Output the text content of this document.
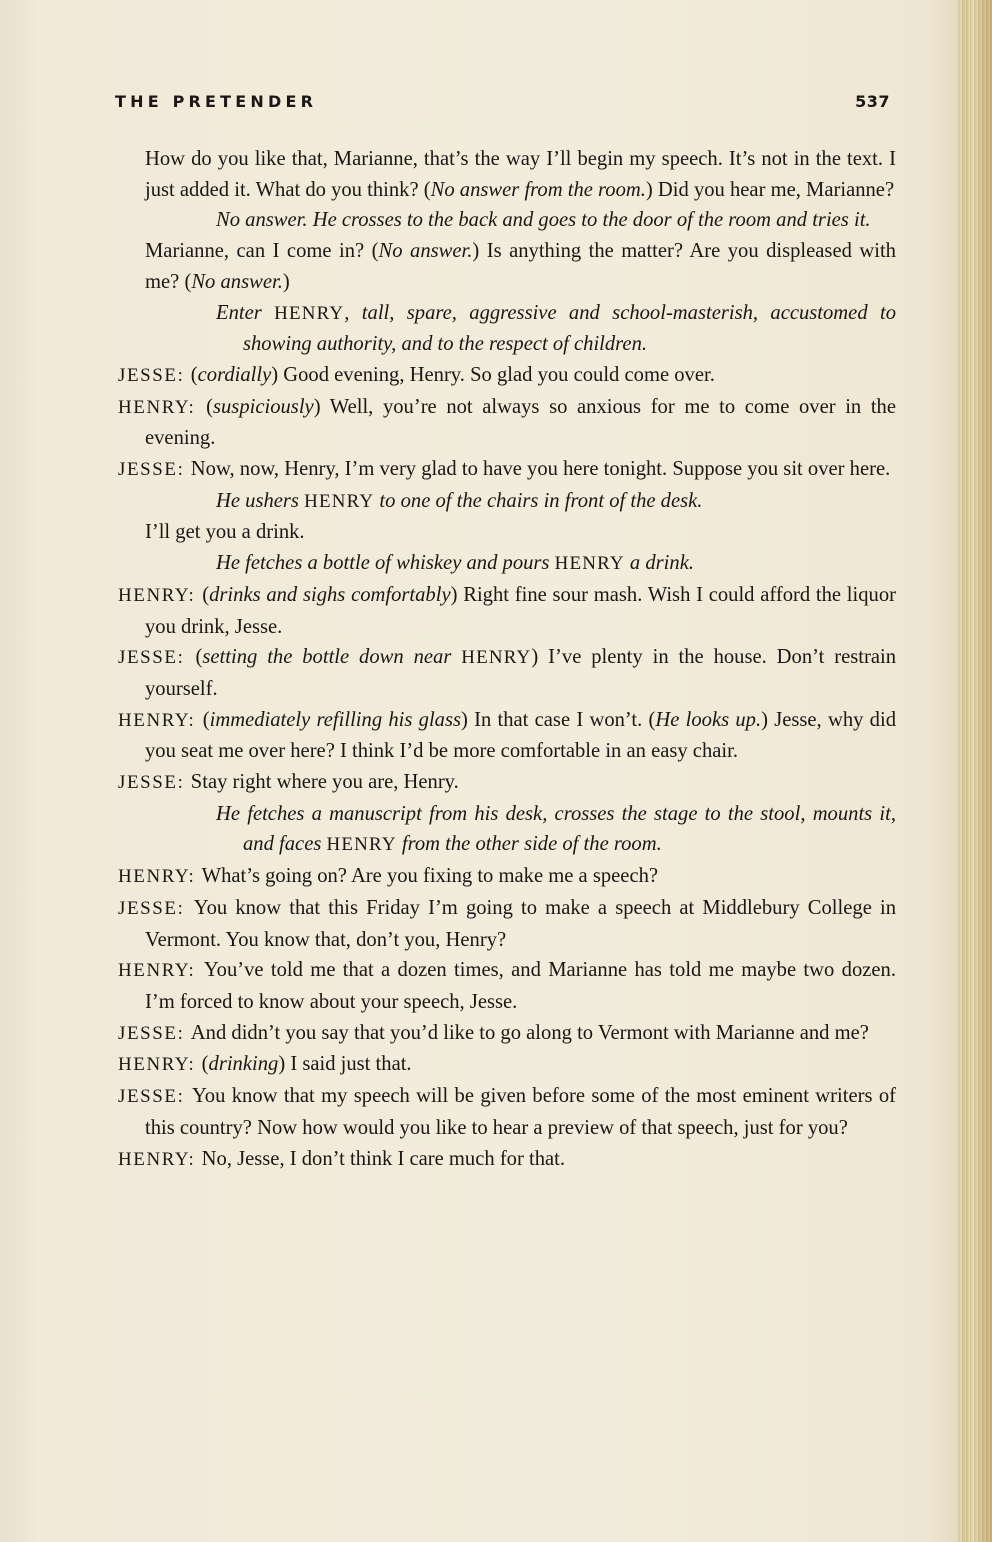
THE PRETENDER	537

How do you like that, Marianne, that’s the way I’ll begin my speech. It’s not in the text. I just added it. What do you think? (No answer from the room.) Did you hear me, Marianne?

No answer. He crosses to the back and goes to the door of the room and tries it.

Marianne, can I come in? (No answer.) Is anything the matter? Are you displeased with me? (No answer.)

Enter HENRY, tall, spare, aggressive and school-masterish, accustomed to showing authority, and to the respect of children.

JESSE: (cordially) Good evening, Henry. So glad you could come over.

HENRY: (suspiciously) Well, you’re not always so anxious for me to come over in the evening.

JESSE: Now, now, Henry, I’m very glad to have you here tonight. Suppose you sit over here.

He ushers HENRY to one of the chairs in front of the desk.

I’ll get you a drink.

He fetches a bottle of whiskey and pours HENRY a drink.

HENRY: (drinks and sighs comfortably) Right fine sour mash. Wish I could afford the liquor you drink, Jesse.

JESSE: (setting the bottle down near HENRY) I’ve plenty in the house. Don’t restrain yourself.

HENRY: (immediately refilling his glass) In that case I won’t. (He looks up.) Jesse, why did you seat me over here? I think I’d be more comfortable in an easy chair.

JESSE: Stay right where you are, Henry.

He fetches a manuscript from his desk, crosses the stage to the stool, mounts it, and faces HENRY from the other side of the room.

HENRY: What’s going on? Are you fixing to make me a speech?

JESSE: You know that this Friday I’m going to make a speech at Middlebury College in Vermont. You know that, don’t you, Henry?

HENRY: You’ve told me that a dozen times, and Marianne has told me maybe two dozen. I’m forced to know about your speech, Jesse.

JESSE: And didn’t you say that you’d like to go along to Vermont with Marianne and me?

HENRY: (drinking) I said just that.

JESSE: You know that my speech will be given before some of the most eminent writers of this country? Now how would you like to hear a preview of that speech, just for you?

HENRY: No, Jesse, I don’t think I care much for that.
